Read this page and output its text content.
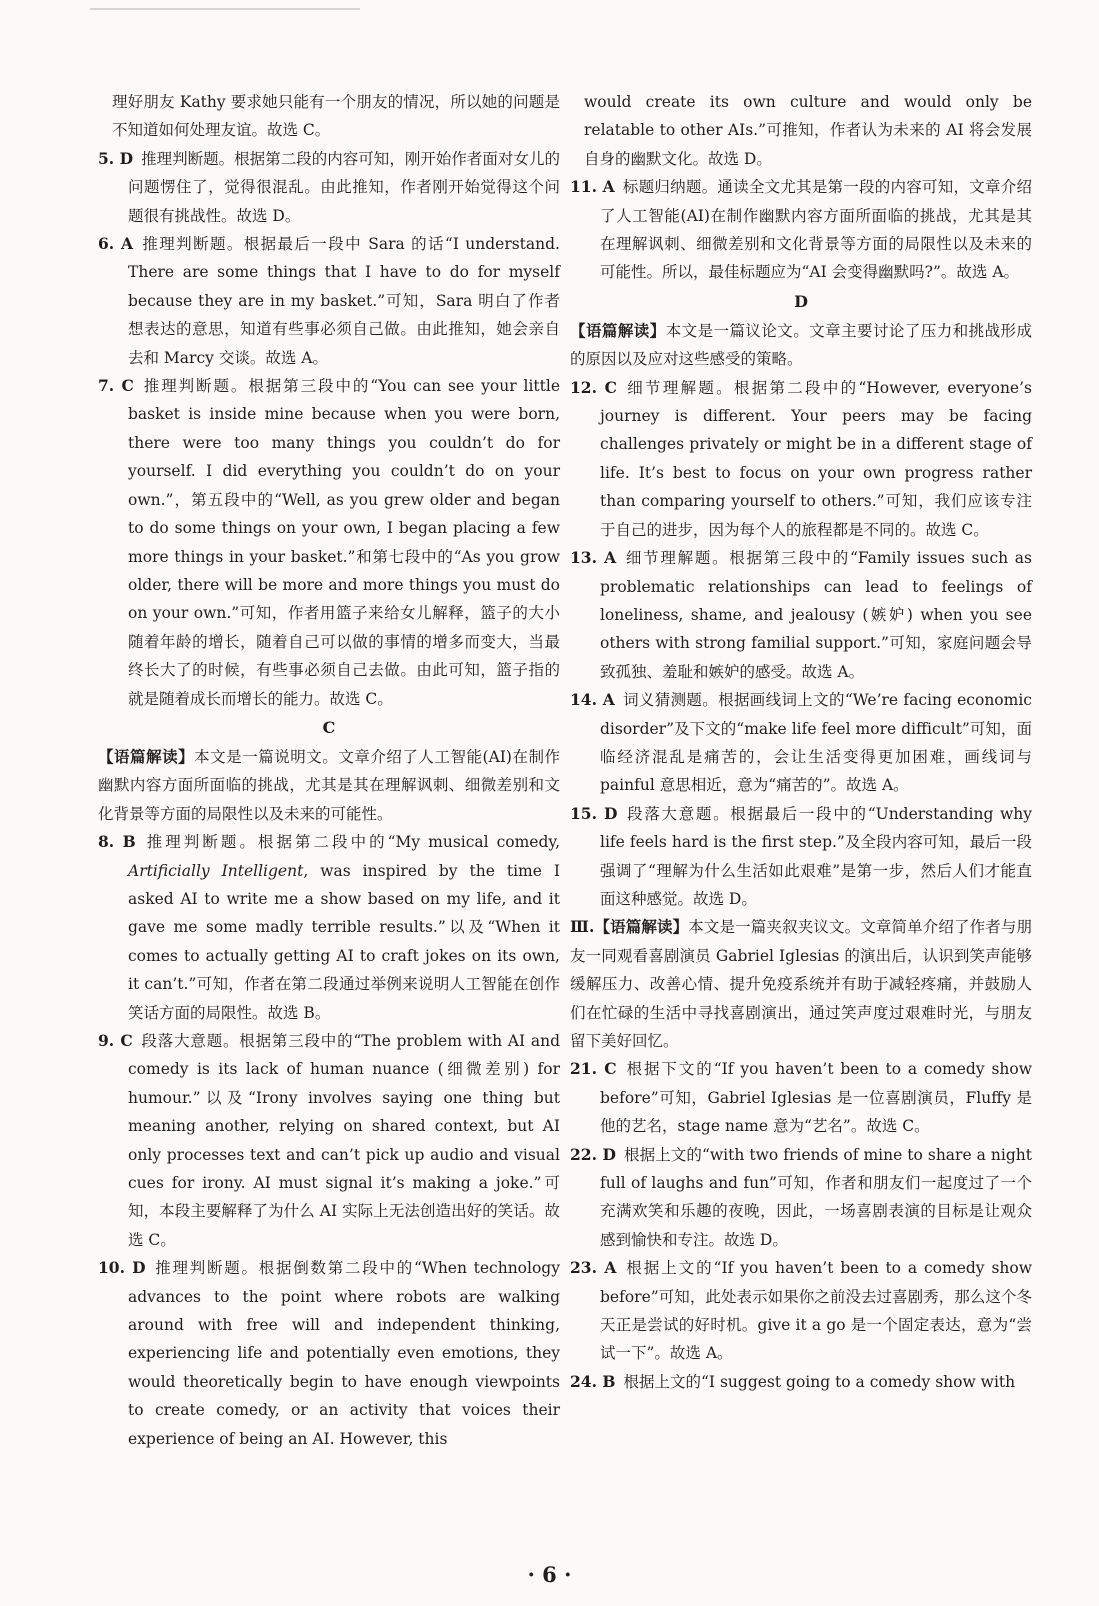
理好朋友 Kathy 要求她只能有一个朋友的情况，所以她的问题是不知道如何处理友谊。故选 C。

5. D 推理判断题。根据第二段的内容可知，刚开始作者面对女儿的问题愣住了，觉得很混乱。由此推知，作者刚开始觉得这个问题很有挑战性。故选 D。

6. A 推理判断题。根据最后一段中 Sara 的话“I understand. There are some things that I have to do for myself because they are in my basket.”可知，Sara 明白了作者想表达的意思，知道有些事必须自己做。由此推知，她会亲自去和 Marcy 交谈。故选 A。

7. C 推理判断题。根据第三段中的“You can see your little basket is inside mine because when you were born, there were too many things you couldn’t do for yourself. I did everything you couldn’t do on your own.”，第五段中的“Well, as you grew older and began to do some things on your own, I began placing a few more things in your basket.”和第七段中的“As you grow older, there will be more and more things you must do on your own.”可知，作者用篮子来给女儿解释，篮子的大小随着年龄的增长，随着自己可以做的事情的增多而变大，当最终长大了的时候，有些事必须自己去做。由此可知，篮子指的就是随着成长而增长的能力。故选 C。

C

【语篇解读】本文是一篇说明文。文章介绍了人工智能(AI)在制作幽默内容方面所面临的挑战，尤其是其在理解讽刺、细微差别和文化背景等方面的局限性以及未来的可能性。

8. B 推理判断题。根据第二段中的“My musical comedy, Artificially Intelligent, was inspired by the time I asked AI to write me a show based on my life, and it gave me some madly terrible results.”以及“When it comes to actually getting AI to craft jokes on its own, it can’t.”可知，作者在第二段通过举例来说明人工智能在创作笑话方面的局限性。故选 B。

9. C 段落大意题。根据第三段中的“The problem with AI and comedy is its lack of human nuance (细微差别) for humour.”以及“Irony involves saying one thing but meaning another, relying on shared context, but AI only processes text and can’t pick up audio and visual cues for irony. AI must signal it’s making a joke.”可知，本段主要解释了为什么 AI 实际上无法创造出好的笑话。故选 C。

10. D 推理判断题。根据倒数第二段中的“When technology advances to the point where robots are walking around with free will and independent thinking, experiencing life and potentially even emotions, they would theoretically begin to have enough viewpoints to create comedy, or an activity that voices their experience of being an AI. However, this

would create its own culture and would only be relatable to other AIs.”可推知，作者认为未来的 AI 将会发展自身的幽默文化。故选 D。

11. A 标题归纳题。通读全文尤其是第一段的内容可知，文章介绍了人工智能(AI)在制作幽默内容方面所面临的挑战，尤其是其在理解讽刺、细微差别和文化背景等方面的局限性以及未来的可能性。所以，最佳标题应为“AI 会变得幽默吗?”。故选 A。

D

【语篇解读】本文是一篇议论文。文章主要讨论了压力和挑战形成的原因以及应对这些感受的策略。

12. C 细节理解题。根据第二段中的“However, everyone’s journey is different. Your peers may be facing challenges privately or might be in a different stage of life. It’s best to focus on your own progress rather than comparing yourself to others.”可知，我们应该专注于自己的进步，因为每个人的旅程都是不同的。故选 C。

13. A 细节理解题。根据第三段中的“Family issues such as problematic relationships can lead to feelings of loneliness, shame, and jealousy (嫉妒) when you see others with strong familial support.”可知，家庭问题会导致孤独、羞耻和嫉妒的感受。故选 A。

14. A 词义猜测题。根据画线词上文的“We’re facing economic disorder”及下文的“make life feel more difficult”可知，面临经济混乱是痛苦的，会让生活变得更加困难，画线词与 painful 意思相近，意为“痛苦的”。故选 A。

15. D 段落大意题。根据最后一段中的“Understanding why life feels hard is the first step.”及全段内容可知，最后一段强调了“理解为什么生活如此艰难”是第一步，然后人们才能直面这种感觉。故选 D。

Ⅲ.【语篇解读】本文是一篇夹叙夹议文。文章简单介绍了作者与朋友一同观看喜剧演员 Gabriel Iglesias 的演出后，认识到笑声能够缓解压力、改善心情、提升免疫系统并有助于减轻疼痛，并鼓励人们在忙碌的生活中寻找喜剧演出，通过笑声度过艰难时光，与朋友留下美好回忆。

21. C 根据下文的“If you haven’t been to a comedy show before”可知，Gabriel Iglesias 是一位喜剧演员，Fluffy 是他的艺名，stage name 意为“艺名”。故选 C。

22. D 根据上文的“with two friends of mine to share a night full of laughs and fun”可知，作者和朋友们一起度过了一个充满欢笑和乐趣的夜晚，因此，一场喜剧表演的目标是让观众感到愉快和专注。故选 D。

23. A 根据上文的“If you haven’t been to a comedy show before”可知，此处表示如果你之前没去过喜剧秀，那么这个冬天正是尝试的好时机。give it a go 是一个固定表达，意为“尝试一下”。故选 A。

24. B 根据上文的“I suggest going to a comedy show with

· 6 ·
